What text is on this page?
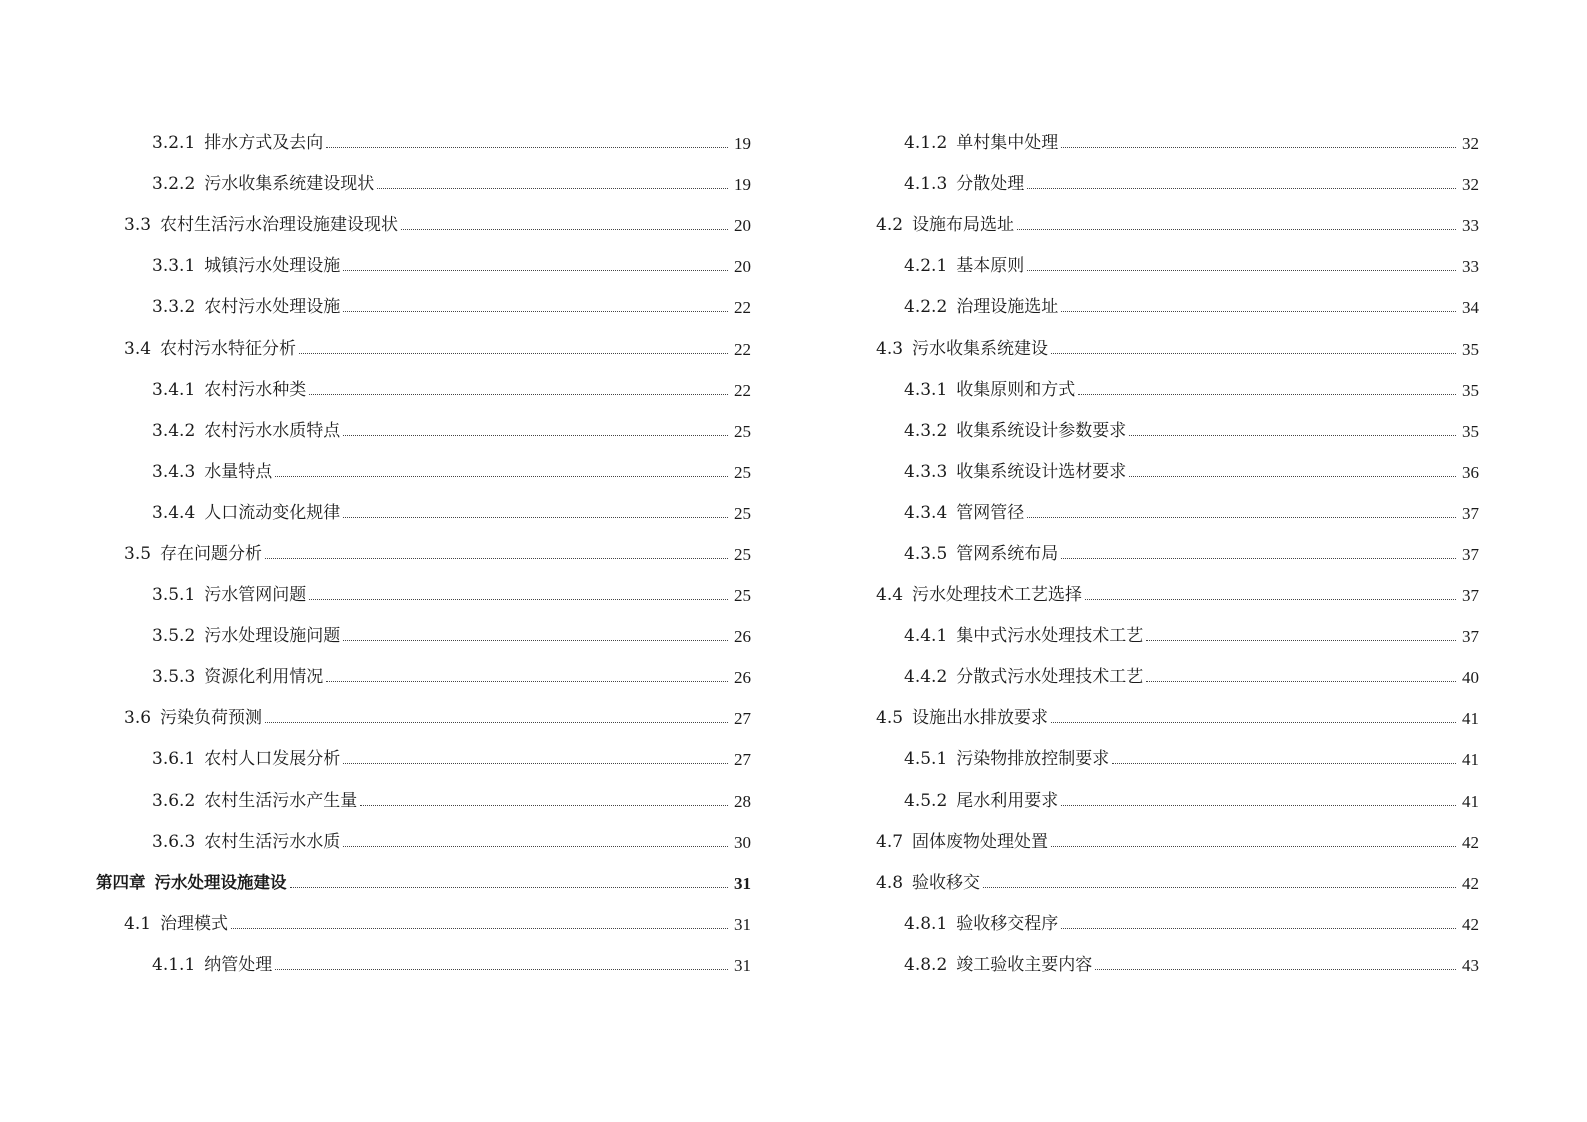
3.2.1 排水方式及去向	19
3.2.2 污水收集系统建设现状	19
3.3 农村生活污水治理设施建设现状	20
3.3.1 城镇污水处理设施	20
3.3.2 农村污水处理设施	22
3.4 农村污水特征分析	22
3.4.1 农村污水种类	22
3.4.2 农村污水水质特点	25
3.4.3 水量特点	25
3.4.4 人口流动变化规律	25
3.5 存在问题分析	25
3.5.1 污水管网问题	25
3.5.2 污水处理设施问题	26
3.5.3 资源化利用情况	26
3.6 污染负荷预测	27
3.6.1 农村人口发展分析	27
3.6.2 农村生活污水产生量	28
3.6.3 农村生活污水水质	30
第四章 污水处理设施建设	31
4.1 治理模式	31
4.1.1 纳管处理	31
4.1.2 单村集中处理	32
4.1.3 分散处理	32
4.2 设施布局选址	33
4.2.1 基本原则	33
4.2.2 治理设施选址	34
4.3 污水收集系统建设	35
4.3.1 收集原则和方式	35
4.3.2 收集系统设计参数要求	35
4.3.3 收集系统设计选材要求	36
4.3.4 管网管径	37
4.3.5 管网系统布局	37
4.4 污水处理技术工艺选择	37
4.4.1 集中式污水处理技术工艺	37
4.4.2 分散式污水处理技术工艺	40
4.5 设施出水排放要求	41
4.5.1 污染物排放控制要求	41
4.5.2 尾水利用要求	41
4.7 固体废物处理处置	42
4.8 验收移交	42
4.8.1 验收移交程序	42
4.8.2 竣工验收主要内容	43
